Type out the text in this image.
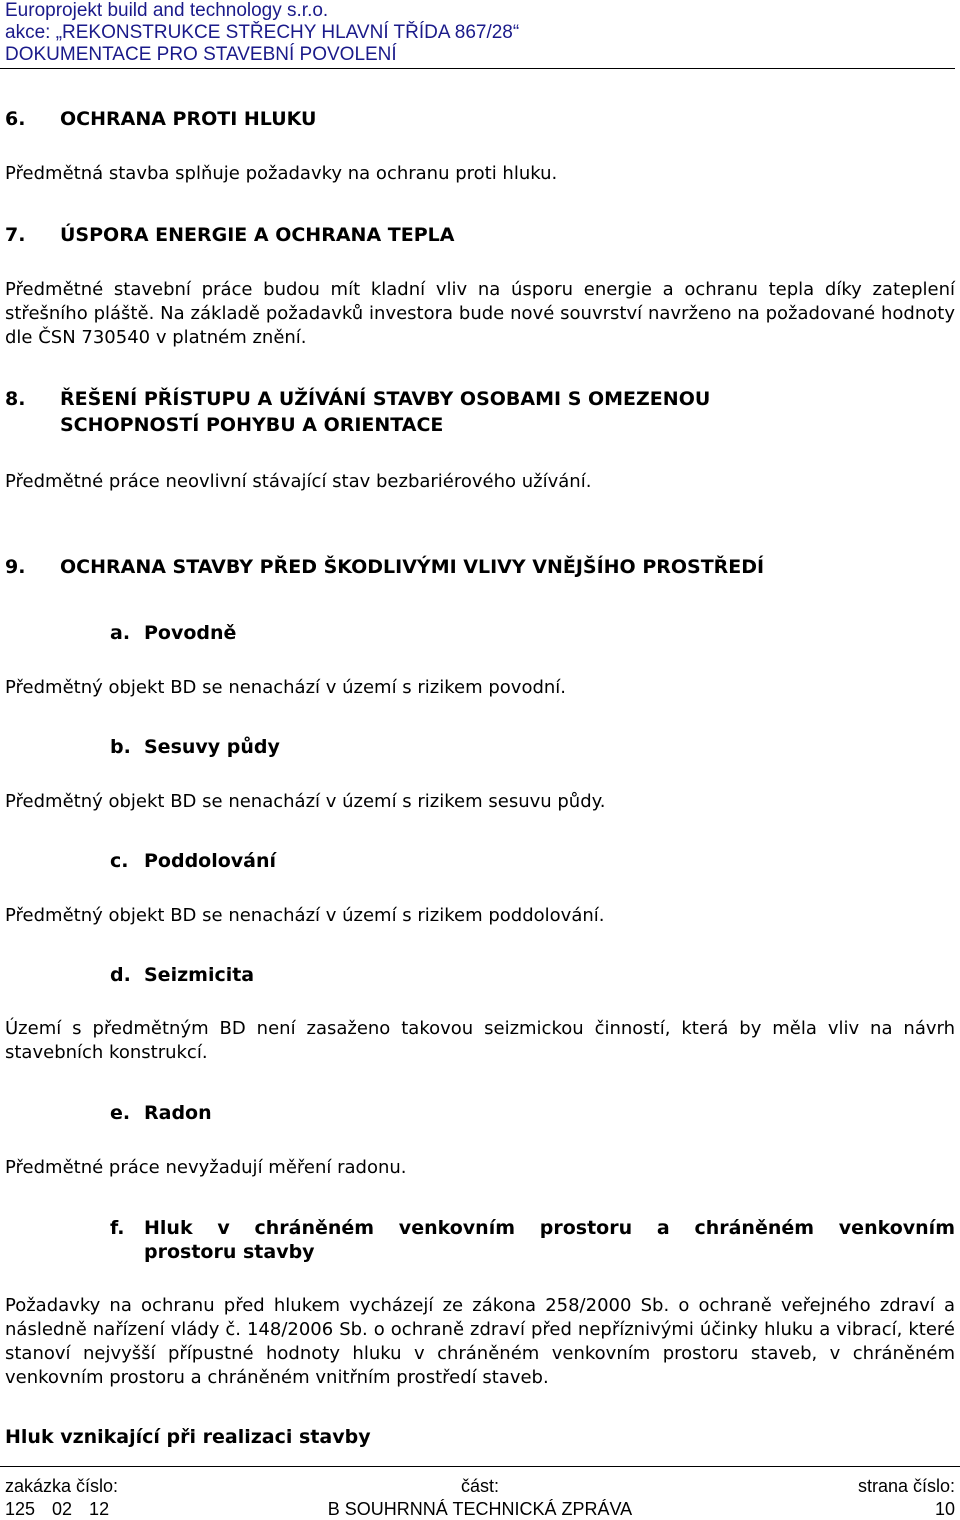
Europrojekt build and technology s.r.o.
akce: „REKONSTRUKCE STŘECHY HLAVNÍ TŘÍDA 867/28“
DOKUMENTACE PRO STAVEBNÍ POVOLENÍ
6. OCHRANA PROTI HLUKU
Předmětná stavba splňuje požadavky na ochranu proti hluku.
7. ÚSPORA ENERGIE A OCHRANA TEPLA
Předmětné stavební práce budou mít kladní vliv na úsporu energie a ochranu tepla díky zateplení střešního pláště. Na základě požadavků investora bude nové souvrství navrženo na požadované hodnoty dle ČSN 730540 v platném znění.
8. ŘEŠENÍ PŘÍSTUPU A UŽÍVÁNÍ STAVBY OSOBAMI S OMEZENOU
SCHOPNOSTÍ POHYBU A ORIENTACE
Předmětné práce neovlivní stávající stav bezbariérového užívání.
9. OCHRANA STAVBY PŘED ŠKODLIVÝMI VLIVY VNĚJŠÍHO PROSTŘEDÍ
a. Povodně
Předmětný objekt BD se nenachází v území s rizikem povodní.
b. Sesuvy půdy
Předmětný objekt BD se nenachází v území s rizikem sesuvu půdy.
c. Poddolování
Předmětný objekt BD se nenachází v území s rizikem poddolování.
d. Seizmicita
Území s předmětným BD není zasaženo takovou seizmickou činností, která by měla vliv na návrh stavebních konstrukcí.
e. Radon
Předmětné práce nevyžadují měření radonu.
f.	Hluk v chráněném venkovním prostoru a chráněném venkovním
prostoru stavby
Požadavky na ochranu před hlukem vycházejí ze zákona 258/2000 Sb. o ochraně veřejného zdraví a následně nařízení vlády č. 148/2006 Sb. o ochraně zdraví před nepříznivými účinky hluku a vibrací, které stanoví nejvyšší přípustné hodnoty hluku v chráněném venkovním prostoru staveb, v chráněném venkovním prostoru a chráněném vnitřním prostředí staveb.
Hluk vznikající při realizaci stavby
zakázka číslo:	část:	strana číslo:
125 02 12	B SOUHRNNÁ TECHNICKÁ ZPRÁVA	10
